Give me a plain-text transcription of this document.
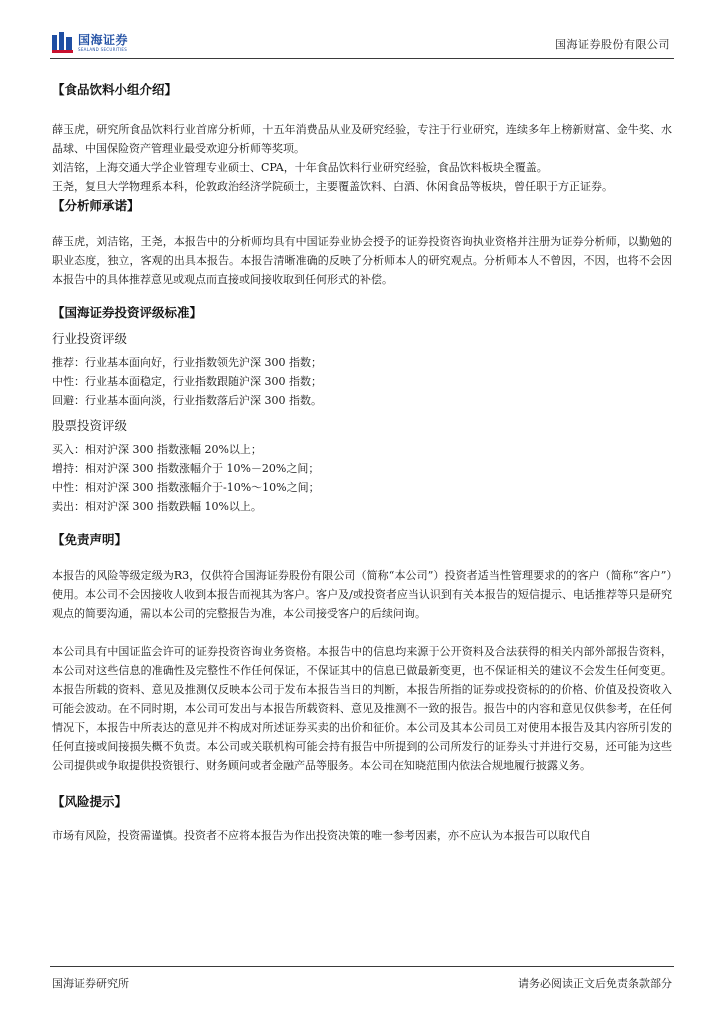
国海证券
SEALAND SECURITIES	国海证券股份有限公司

【食品饮料小组介绍】

薛玉虎，研究所食品饮料行业首席分析师，十五年消费品从业及研究经验，专注于行业研究，连续多年上榜新财富、金牛奖、水晶球、中国保险资产管理业最受欢迎分析师等奖项。

刘洁铭，上海交通大学企业管理专业硕士、CPA，十年食品饮料行业研究经验，食品饮料板块全覆盖。

王尧，复旦大学物理系本科，伦敦政治经济学院硕士，主要覆盖饮料、白酒、休闲食品等板块，曾任职于方正证券。

【分析师承诺】

薛玉虎，刘洁铭，王尧，本报告中的分析师均具有中国证券业协会授予的证券投资咨询执业资格并注册为证券分析师，以勤勉的职业态度，独立，客观的出具本报告。本报告清晰准确的反映了分析师本人的研究观点。分析师本人不曾因，不因，也将不会因本报告中的具体推荐意见或观点而直接或间接收取到任何形式的补偿。

【国海证券投资评级标准】

行业投资评级

推荐：行业基本面向好，行业指数领先沪深 300 指数；

中性：行业基本面稳定，行业指数跟随沪深 300 指数；

回避：行业基本面向淡，行业指数落后沪深 300 指数。

股票投资评级

买入：相对沪深 300 指数涨幅 20%以上；

增持：相对沪深 300 指数涨幅介于 10%－20%之间；

中性：相对沪深 300 指数涨幅介于-10%～10%之间；

卖出：相对沪深 300 指数跌幅 10%以上。

【免责声明】

本报告的风险等级定级为R3，仅供符合国海证券股份有限公司（简称“本公司”）投资者适当性管理要求的的客户（简称“客户”）使用。本公司不会因接收人收到本报告而视其为客户。客户及/或投资者应当认识到有关本报告的短信提示、电话推荐等只是研究观点的简要沟通，需以本公司的完整报告为准，本公司接受客户的后续问询。

本公司具有中国证监会许可的证券投资咨询业务资格。本报告中的信息均来源于公开资料及合法获得的相关内部外部报告资料，本公司对这些信息的准确性及完整性不作任何保证，不保证其中的信息已做最新变更，也不保证相关的建议不会发生任何变更。本报告所载的资料、意见及推测仅反映本公司于发布本报告当日的判断，本报告所指的证券或投资标的的价格、价值及投资收入可能会波动。在不同时期，本公司可发出与本报告所载资料、意见及推测不一致的报告。报告中的内容和意见仅供参考，在任何情况下，本报告中所表达的意见并不构成对所述证券买卖的出价和征价。本公司及其本公司员工对使用本报告及其内容所引发的任何直接或间接损失概不负责。本公司或关联机构可能会持有报告中所提到的公司所发行的证券头寸并进行交易，还可能为这些公司提供或争取提供投资银行、财务顾问或者金融产品等服务。本公司在知晓范围内依法合规地履行披露义务。

【风险提示】

市场有风险，投资需谨慎。投资者不应将本报告为作出投资决策的唯一参考因素，亦不应认为本报告可以取代自

国海证券研究所	请务必阅读正文后免责条款部分
